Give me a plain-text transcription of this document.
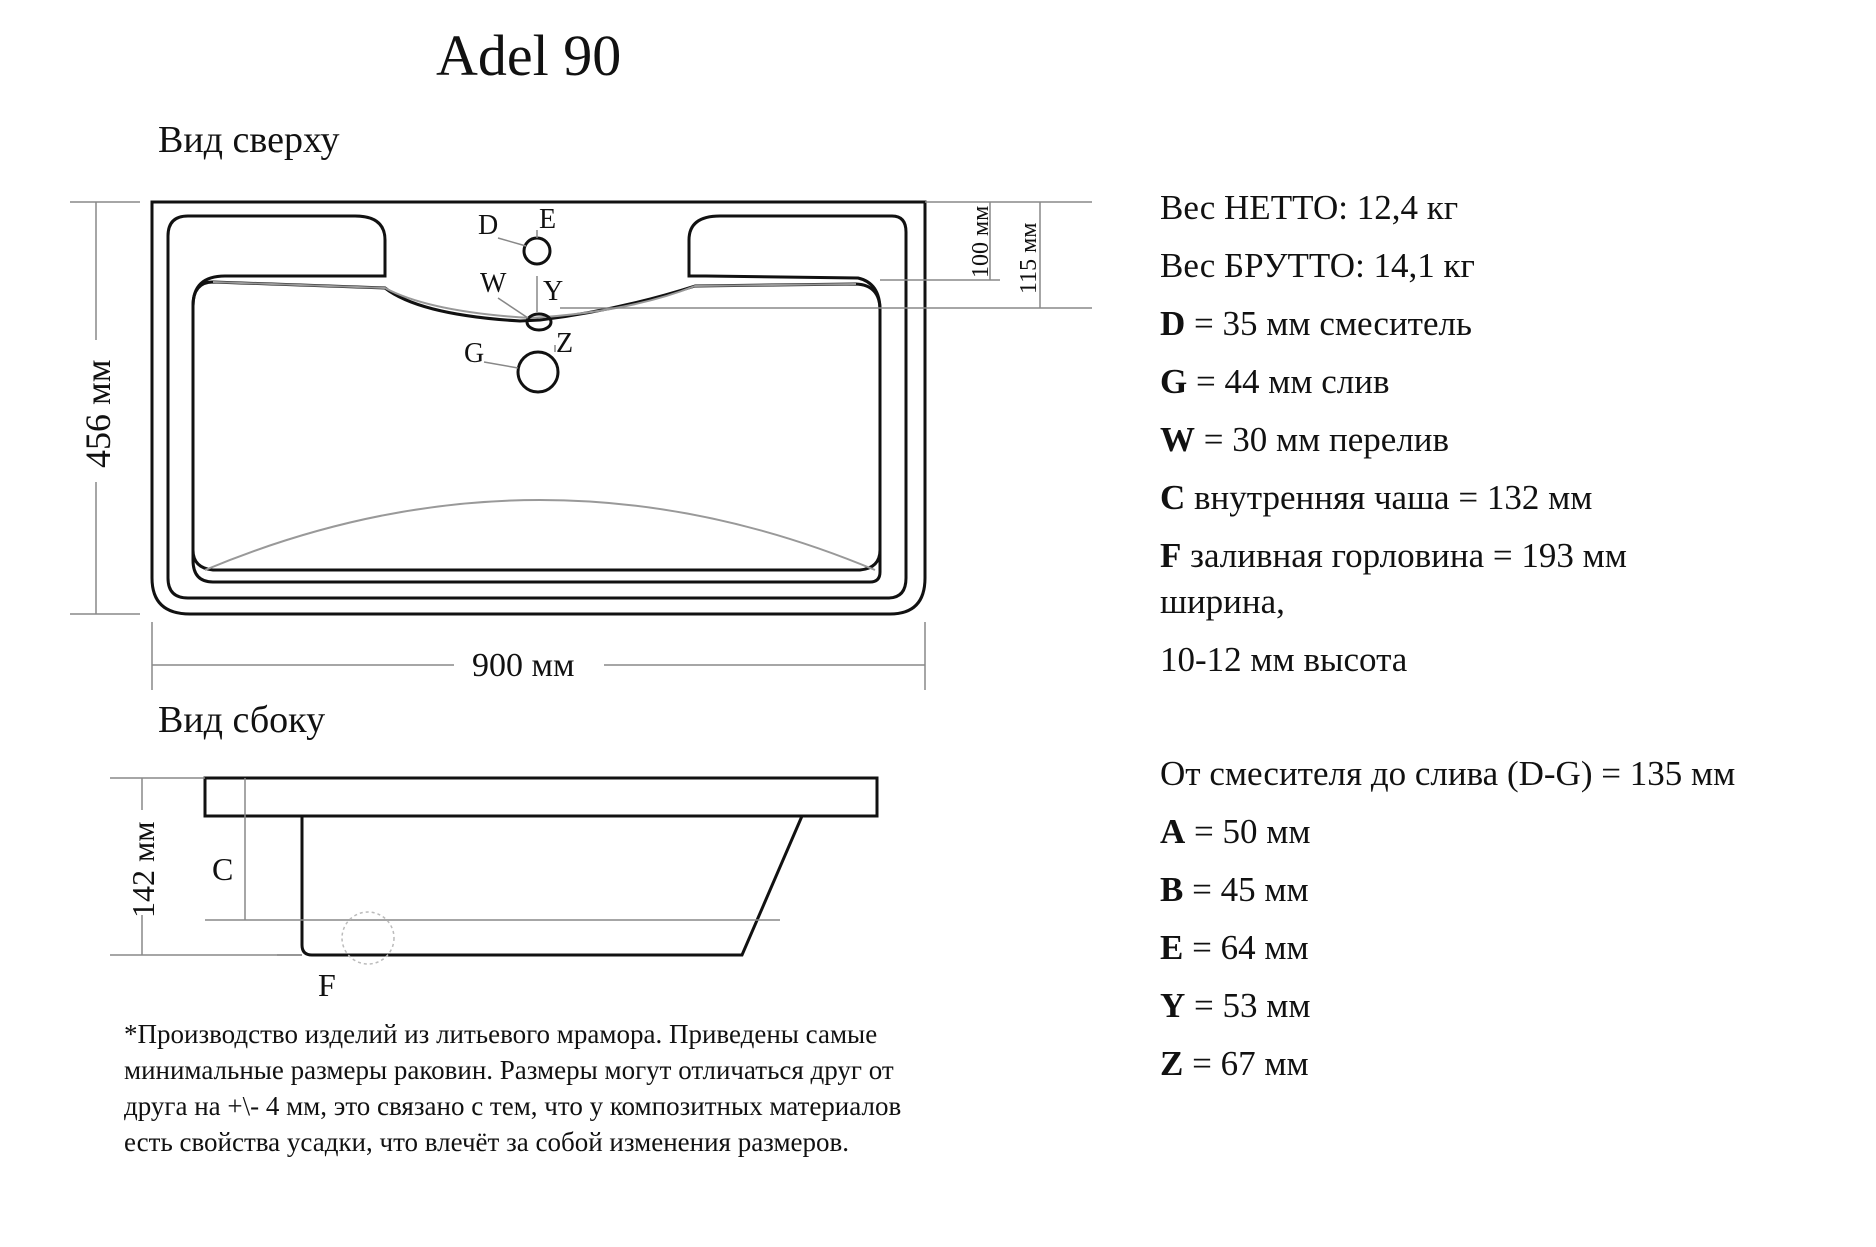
Adel 90
Вид сверху
Вид сбоку
D E
W Y
G	Z
456 мм
900 мм
100 мм 115 мм
142 мм C
F
Вес НЕТТО: 12,4 кг
Вес БРУТТО: 14,1 кг
D = 35 мм смеситель
G = 44 мм слив
W = 30 мм перелив
C внутренняя чаша = 132 мм
F заливная горловина = 193 мм
ширина,
10-12 мм высота
От смесителя до слива (D-G) = 135 мм
A = 50 мм
B = 45 мм
E = 64 мм
Y = 53 мм
Z = 67 мм
*Производство изделий из литьевого мрамора. Приведены самые минимальные размеры раковин. Размеры могут отличаться друг от друга на +\- 4 мм, это связано с тем, что у композитных материалов есть свойства усадки, что влечёт за собой изменения размеров.
